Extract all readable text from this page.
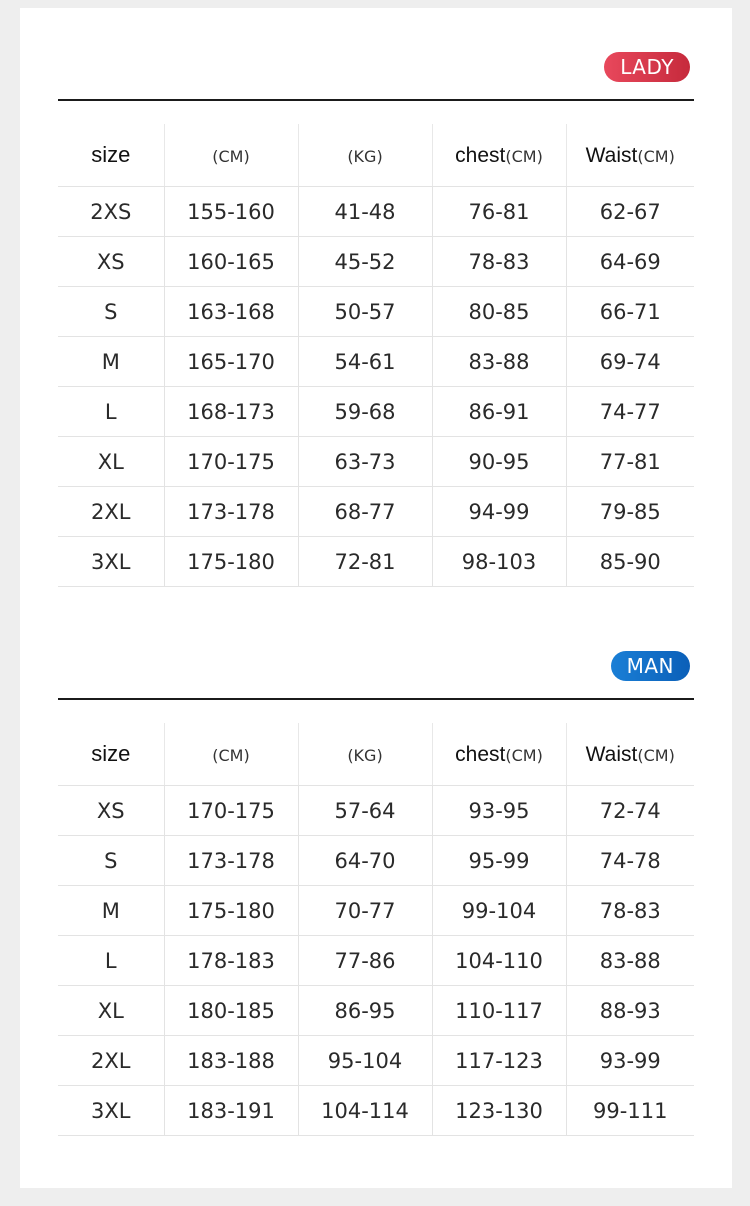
LADY
size	(CM)	(KG)	chest(CM)	Waist(CM)
2XS	155-160	41-48	76-81	62-67
XS	160-165	45-52	78-83	64-69
S	163-168	50-57	80-85	66-71
M	165-170	54-61	83-88	69-74
L	168-173	59-68	86-91	74-77
XL	170-175	63-73	90-95	77-81
2XL	173-178	68-77	94-99	79-85
3XL	175-180	72-81	98-103	85-90
MAN
size	(CM)	(KG)	chest(CM)	Waist(CM)
XS	170-175	57-64	93-95	72-74
S	173-178	64-70	95-99	74-78
M	175-180	70-77	99-104	78-83
L	178-183	77-86	104-110	83-88
XL	180-185	86-95	110-117	88-93
2XL	183-188	95-104	117-123	93-99
3XL	183-191	104-114	123-130	99-111
